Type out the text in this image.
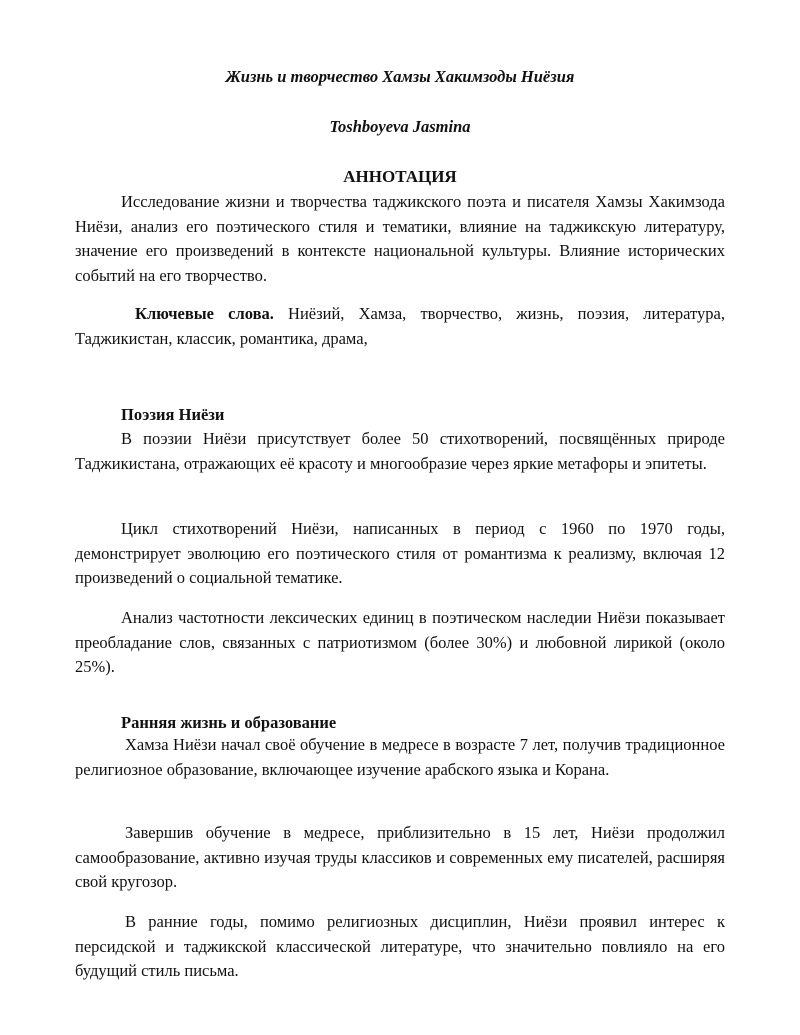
Жизнь и творчество Хамзы Хакимзоды Ниёзия
Toshboyeva Jasmina
АННОТАЦИЯ

Исследование жизни и творчества таджикского поэта и писателя Хамзы Хакимзода Ниёзи, анализ его поэтического стиля и тематики, влияние на таджикскую литературу, значение его произведений в контексте национальной культуры. Влияние исторических событий на его творчество.

Ключевые слова. Ниёзий, Хамза, творчество, жизнь, поэзия, литература, Таджикистан, классик, романтика, драма,

Поэзия Ниёзи

В поэзии Ниёзи присутствует более 50 стихотворений, посвящённых природе Таджикистана, отражающих её красоту и многообразие через яркие метафоры и эпитеты.

Цикл стихотворений Ниёзи, написанных в период с 1960 по 1970 годы, демонстрирует эволюцию его поэтического стиля от романтизма к реализму, включая 12 произведений о социальной тематике.

Анализ частотности лексических единиц в поэтическом наследии Ниёзи показывает преобладание слов, связанных с патриотизмом (более 30%) и любовной лирикой (около 25%).

Ранняя жизнь и образование

Хамза Ниёзи начал своё обучение в медресе в возрасте 7 лет, получив традиционное религиозное образование, включающее изучение арабского языка и Корана.

Завершив обучение в медресе, приблизительно в 15 лет, Ниёзи продолжил самообразование, активно изучая труды классиков и современных ему писателей, расширяя свой кругозор.

В ранние годы, помимо религиозных дисциплин, Ниёзи проявил интерес к персидской и таджикской классической литературе, что значительно повлияло на его будущий стиль письма.
